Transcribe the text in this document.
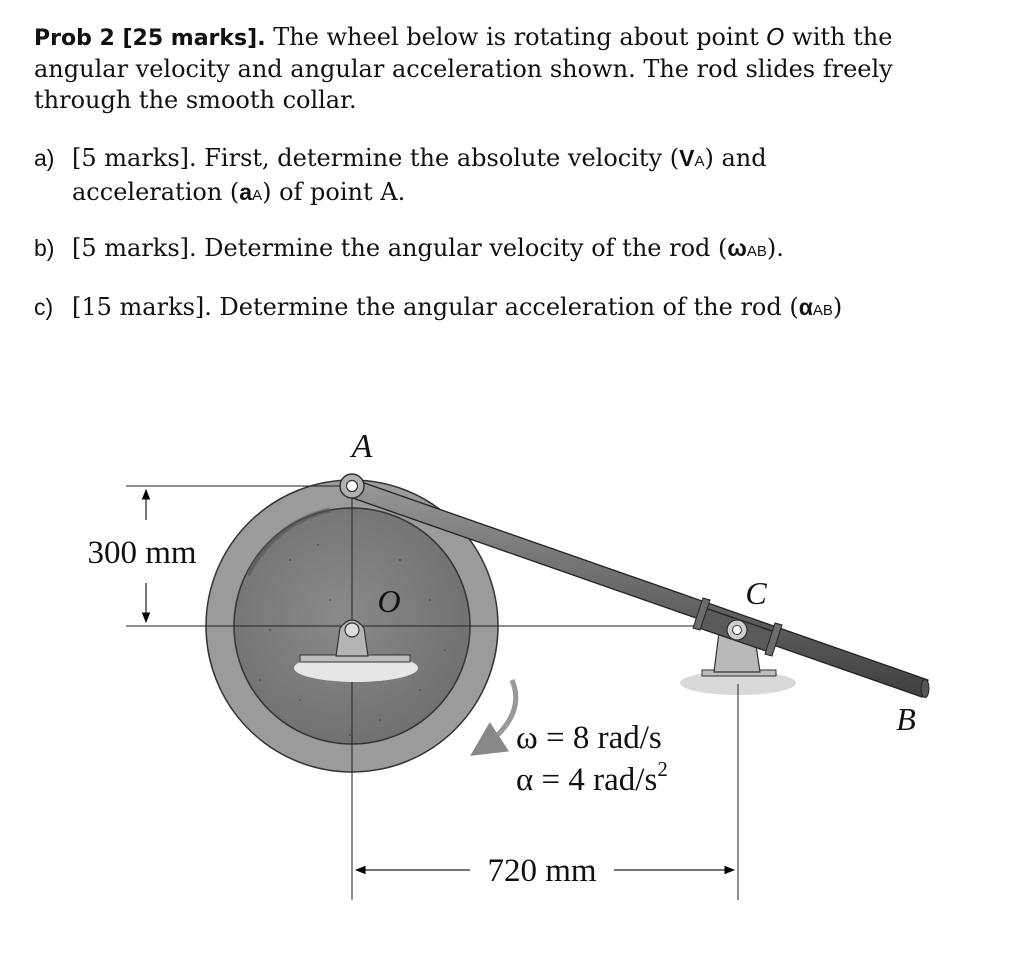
Prob 2 [25 marks]. The wheel below is rotating about point O with the
angular velocity and angular acceleration shown. The rod slides freely
through the smooth collar.

a) [5 marks]. First, determine the absolute velocity (VA) and
acceleration (aA) of point A.
b) [5 marks]. Determine the angular velocity of the rod (ωAB).
c) [15 marks]. Determine the angular acceleration of the rod (αAB)
300 mm
720 mm
A
O	C
B
ω = 8 rad/s
α = 4 rad/$s^2$
